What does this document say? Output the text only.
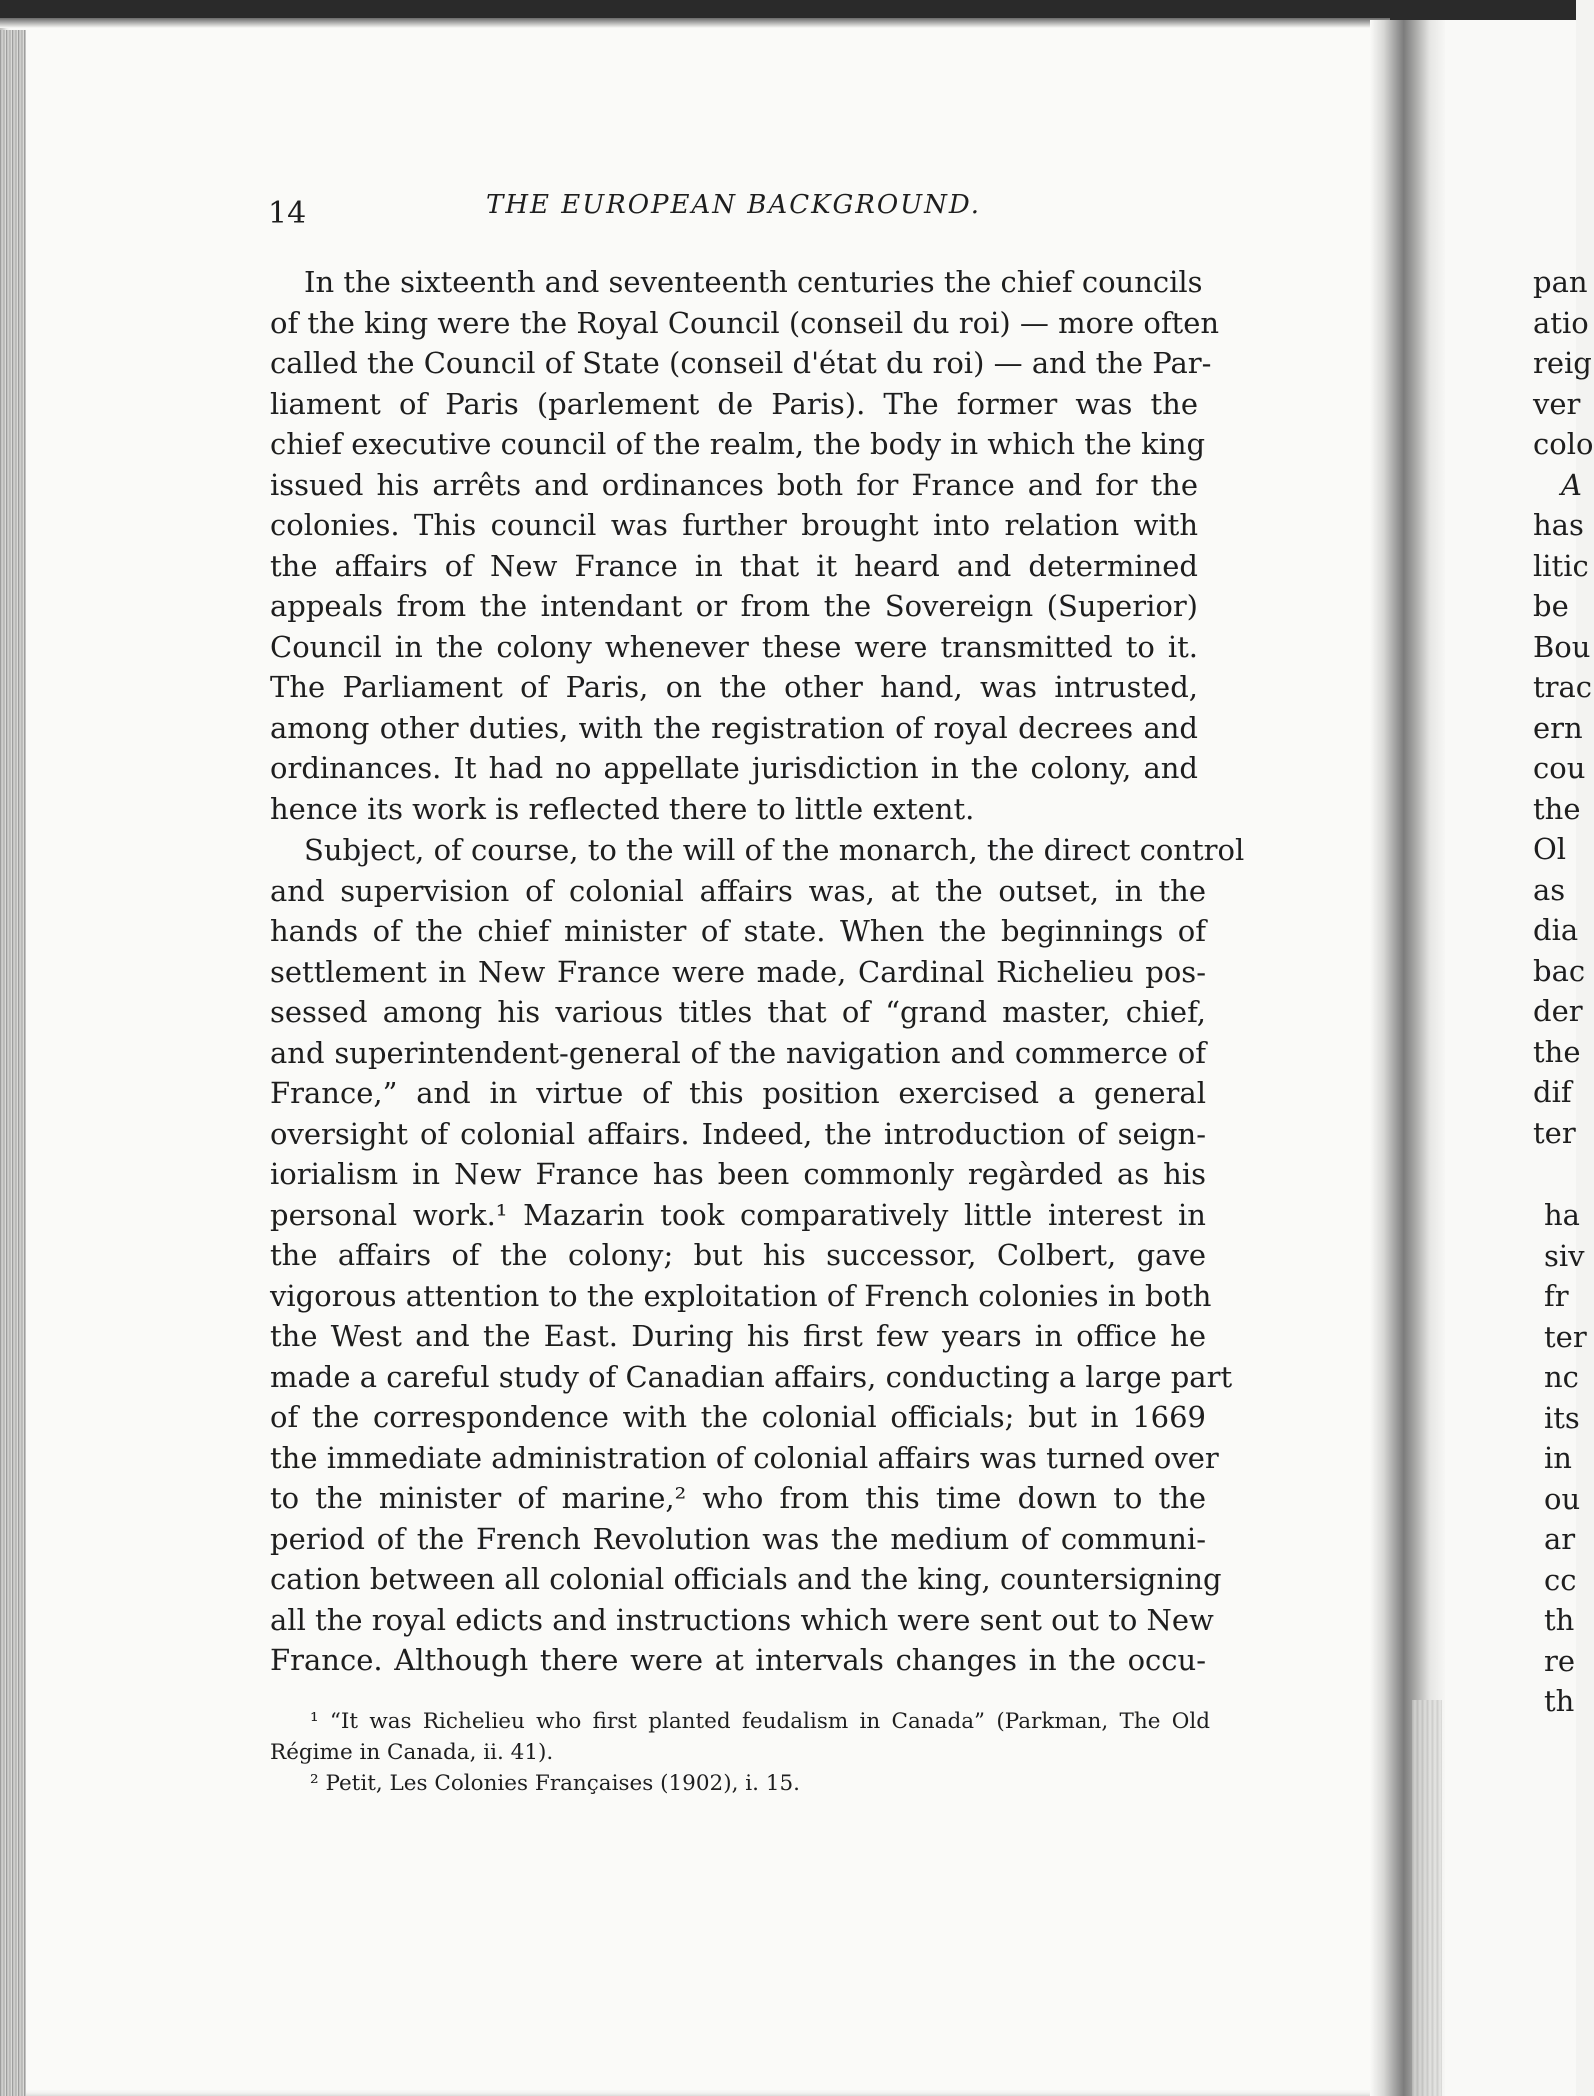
14	THE EUROPEAN BACKGROUND.
In the sixteenth and seventeenth centuries the chief councils
of the king were the Royal Council (conseil du roi) — more often
called the Council of State (conseil d'état du roi) — and the Par-
liament of Paris (parlement de Paris). The former was the
chief executive council of the realm, the body in which the king
issued his arrêts and ordinances both for France and for the
colonies. This council was further brought into relation with
the affairs of New France in that it heard and determined
appeals from the intendant or from the Sovereign (Superior)
Council in the colony whenever these were transmitted to it.
The Parliament of Paris, on the other hand, was intrusted,
among other duties, with the registration of royal decrees and
ordinances. It had no appellate jurisdiction in the colony, and
hence its work is reflected there to little extent.
Subject, of course, to the will of the monarch, the direct control
and supervision of colonial affairs was, at the outset, in the
hands of the chief minister of state. When the beginnings of
settlement in New France were made, Cardinal Richelieu pos-
sessed among his various titles that of “grand master, chief,
and superintendent-general of the navigation and commerce of
France,” and in virtue of this position exercised a general
oversight of colonial affairs. Indeed, the introduction of seign-
iorialism in New France has been commonly regàrded as his
personal work.¹ Mazarin took comparatively little interest in
the affairs of the colony; but his successor, Colbert, gave
vigorous attention to the exploitation of French colonies in both
the West and the East. During his first few years in office he
made a careful study of Canadian affairs, conducting a large part
of the correspondence with the colonial officials; but in 1669
the immediate administration of colonial affairs was turned over
to the minister of marine,² who from this time down to the
period of the French Revolution was the medium of communi-
cation between all colonial officials and the king, countersigning
all the royal edicts and instructions which were sent out to New
France. Although there were at intervals changes in the occu-
¹ “It was Richelieu who first planted feudalism in Canada” (Parkman, The Old
Régime in Canada, ii. 41).
² Petit, Les Colonies Françaises (1902), i. 15.
pan
atio
reig
ver
colo
A
has
litic
be
Bou
trac
ern
cou
the
Ol
as
dia
bac
der
the
dif
ter
ha
siv
fr
ter
nc
its
in
ou
ar
cc
th
re
th
